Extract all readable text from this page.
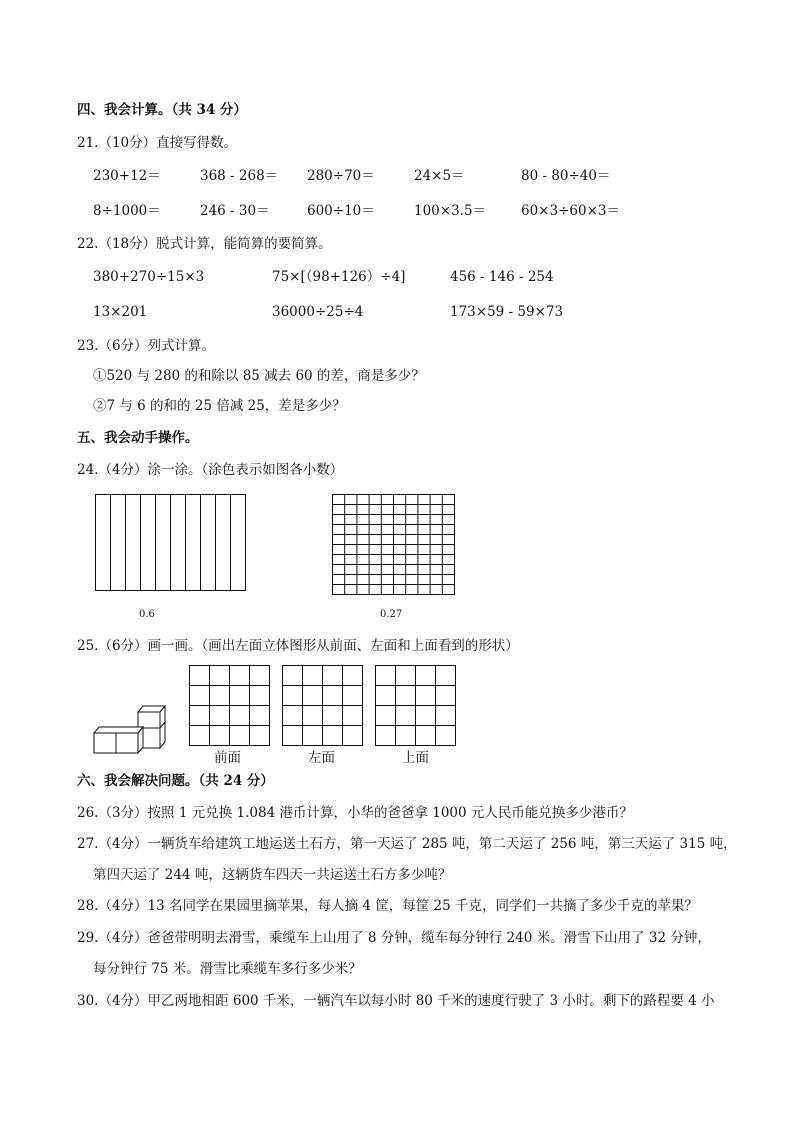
四、我会计算。（共 34 分）
21.（10分）直接写得数。
230+12＝	368 - 268＝ 280÷70＝	24×5＝	80 - 80÷40＝
8÷1000＝	246 - 30＝	600÷10＝	100×3.5＝	60×3÷60×3＝
22.（18分）脱式计算，能简算的要简算。
380+270÷15×3	75×[（98+126）÷4]	456 - 146 - 254
13×201	36000÷25÷4	173×59 - 59×73
23.（6分）列式计算。
①520 与 280 的和除以 85 减去 60 的差，商是多少？
②7 与 6 的和的 25 倍减 25，差是多少？
五、我会动手操作。
24.（4分）涂一涂。（涂色表示如图各小数）
0.6	0.27
25.（6分）画一画。（画出左面立体图形从前面、左面和上面看到的形状）
前面	左面	上面
六、我会解决问题。（共 24 分）
26.（3分）按照 1 元兑换 1.084 港币计算，小华的爸爸拿 1000 元人民币能兑换多少港币？
27.（4分）一辆货车给建筑工地运送土石方，第一天运了 285 吨，第二天运了 256 吨，第三天运了 315 吨，
第四天运了 244 吨，这辆货车四天一共运送土石方多少吨？
28.（4分）13 名同学在果园里摘苹果，每人摘 4 筐，每筐 25 千克，同学们一共摘了多少千克的苹果？
29.（4分）爸爸带明明去滑雪，乘缆车上山用了 8 分钟，缆车每分钟行 240 米。滑雪下山用了 32 分钟，
每分钟行 75 米。滑雪比乘缆车多行多少米？
30.（4分）甲乙两地相距 600 千米，一辆汽车以每小时 80 千米的速度行驶了 3 小时。剩下的路程要 4 小
